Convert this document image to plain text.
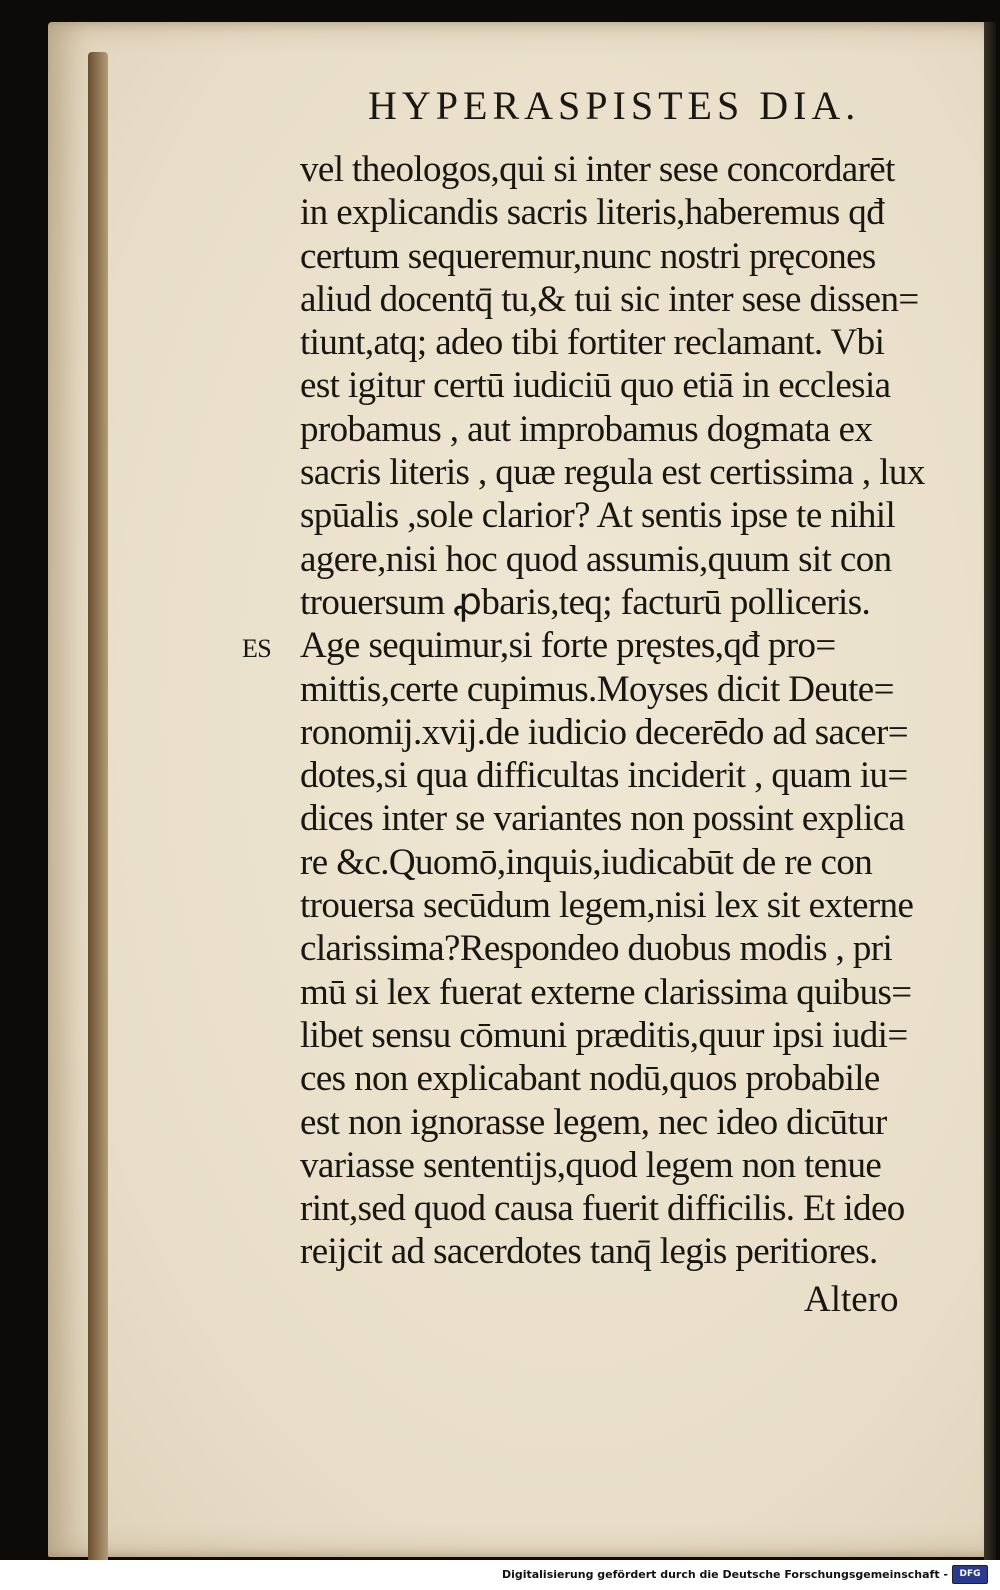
HYPERASPISTES DIA.
vel theologos,qui si inter sese concordarēt
in explicandis sacris literis,haberemus qđ
certum sequeremur,nunc nostri pręcones
aliud docentq̄ tu,& tui sic inter sese dissen=
tiunt,atq; adeo tibi fortiter reclamant. Vbi
est igitur certū iudiciū quo etiā in ecclesia
probamus , aut improbamus dogmata ex
sacris literis , quæ regula est certissima , lux
spūalis ,sole clarior? At sentis ipse te nihil
agere,nisi hoc quod assumis,quum sit con
trouersum ꝓbaris,teq; facturū polliceris.
ES Age sequimur,si forte pręstes,qđ pro=
mittis,certe cupimus.Moyses dicit Deute=
ronomij.xvij.de iudicio decerēdo ad sacer=
dotes,si qua difficultas inciderit , quam iu=
dices inter se variantes non possint explica
re &c.Quomō,inquis,iudicabūt de re con
trouersa secūdum legem,nisi lex sit externe
clarissima?Respondeo duobus modis , pri
mū si lex fuerat externe clarissima quibus=
libet sensu cōmuni præditis,quur ipsi iudi=
ces non explicabant nodū,quos probabile
est non ignorasse legem, nec ideo dicūtur
variasse sententijs,quod legem non tenue
rint,sed quod causa fuerit difficilis. Et ideo
reijcit ad sacerdotes tanq̄ legis peritiores.
Altero
Digitalisierung gefördert durch die Deutsche Forschungsgemeinschaft -	DFG
